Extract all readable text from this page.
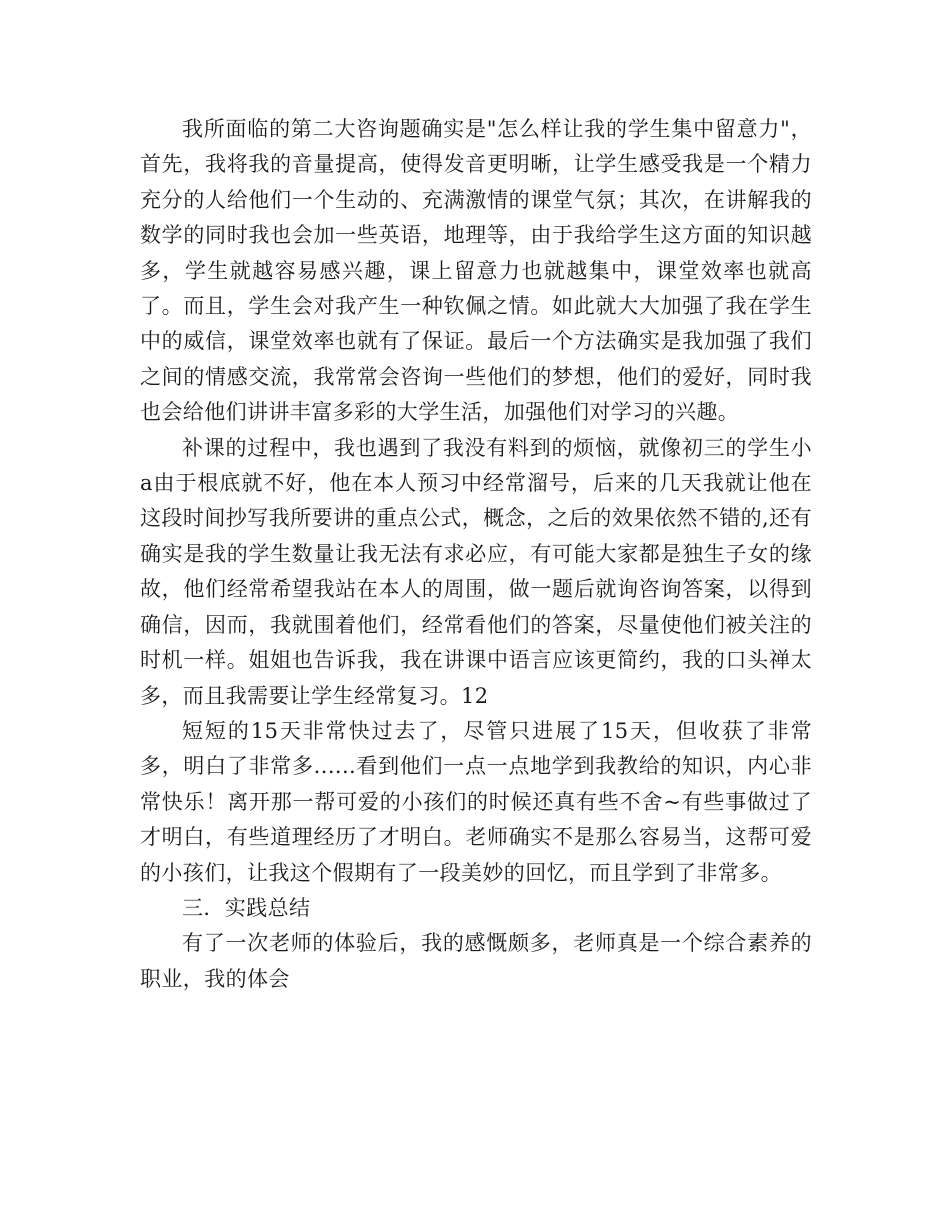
我所面临的第二大咨询题确实是"怎么样让我的学生集中留意力"，首先，我将我的音量提高，使得发音更明晰，让学生感受我是一个精力充分的人给他们一个生动的、充满激情的课堂气氛；其次，在讲解我的数学的同时我也会加一些英语，地理等，由于我给学生这方面的知识越多，学生就越容易感兴趣，课上留意力也就越集中，课堂效率也就高了。而且，学生会对我产生一种钦佩之情。如此就大大加强了我在学生中的威信，课堂效率也就有了保证。最后一个方法确实是我加强了我们之间的情感交流，我常常会咨询一些他们的梦想，他们的爱好，同时我也会给他们讲讲丰富多彩的大学生活，加强他们对学习的兴趣。

补课的过程中，我也遇到了我没有料到的烦恼，就像初三的学生小a由于根底就不好，他在本人预习中经常溜号，后来的几天我就让他在这段时间抄写我所要讲的重点公式，概念，之后的效果依然不错的,还有确实是我的学生数量让我无法有求必应，有可能大家都是独生子女的缘故，他们经常希望我站在本人的周围，做一题后就询咨询答案，以得到确信，因而，我就围着他们，经常看他们的答案，尽量使他们被关注的时机一样。姐姐也告诉我，我在讲课中语言应该更简约，我的口头禅太多，而且我需要让学生经常复习。12

短短的15天非常快过去了，尽管只进展了15天，但收获了非常多，明白了非常多......看到他们一点一点地学到我教给的知识，内心非常快乐！离开那一帮可爱的小孩们的时候还真有些不舍~有些事做过了才明白，有些道理经历了才明白。老师确实不是那么容易当，这帮可爱的小孩们，让我这个假期有了一段美妙的回忆，而且学到了非常多。

三．实践总结

有了一次老师的体验后，我的感慨颇多，老师真是一个综合素养的职业，我的体会
